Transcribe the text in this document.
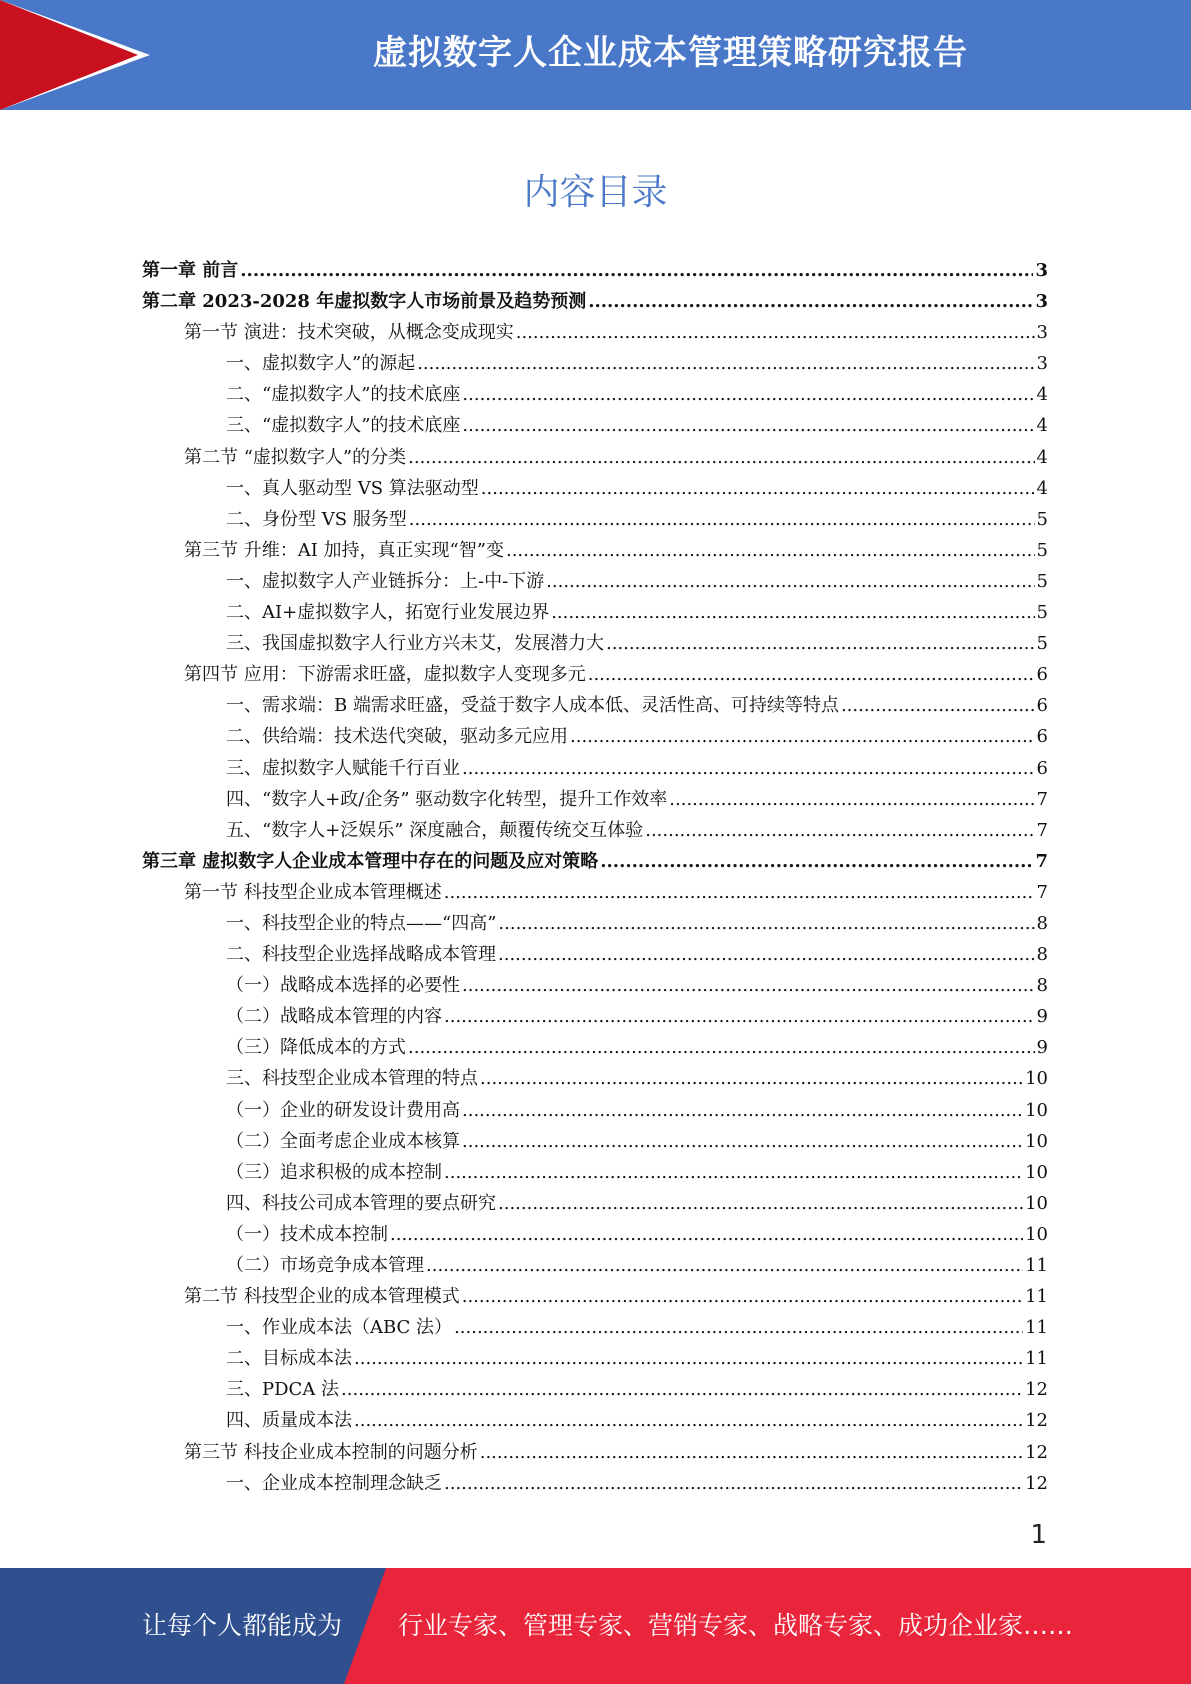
虚拟数字人企业成本管理策略研究报告
内容目录
第一章 前言 .....	3
第二章 2023-2028 年虚拟数字人市场前景及趋势预测 .....	3
第一节 演进：技术突破，从概念变成现实 .....	3
一、虚拟数字人”的源起 .....	3
二、“虚拟数字人”的技术底座 .....	4
三、“虚拟数字人”的技术底座 .....	4
第二节 “虚拟数字人”的分类 .....	4
一、真人驱动型 VS 算法驱动型 .....	4
二、身份型 VS 服务型 .....	5
第三节 升维：AI 加持，真正实现“智”变 .....	5
一、虚拟数字人产业链拆分：上-中-下游 .....	5
二、AI+虚拟数字人，拓宽行业发展边界 .....	5
三、我国虚拟数字人行业方兴未艾，发展潜力大 .....	5
第四节 应用：下游需求旺盛，虚拟数字人变现多元 .....	6
一、需求端：B 端需求旺盛，受益于数字人成本低、灵活性高、可持续等特点 .....	6
二、供给端：技术迭代突破，驱动多元应用 .....	6
三、虚拟数字人赋能千行百业 .....	6
四、“数字人+政/企务” 驱动数字化转型，提升工作效率 .....	7
五、“数字人+泛娱乐” 深度融合，颠覆传统交互体验 .....	7
第三章 虚拟数字人企业成本管理中存在的问题及应对策略 .....	7
第一节 科技型企业成本管理概述 .....	7
一、科技型企业的特点——“四高” .....	8
二、科技型企业选择战略成本管理 .....	8
（一）战略成本选择的必要性 .....	8
（二）战略成本管理的内容 .....	9
（三）降低成本的方式 .....	9
三、科技型企业成本管理的特点 .....	10
（一）企业的研发设计费用高 .....	10
（二）全面考虑企业成本核算 .....	10
（三）追求积极的成本控制 .....	10
四、科技公司成本管理的要点研究 .....	10
（一）技术成本控制 .....	10
（二）市场竞争成本管理 .....	11
第二节 科技型企业的成本管理模式 .....	11
一、作业成本法（ABC 法） .....	11
二、目标成本法 .....	11
三、PDCA 法 .....	12
四、质量成本法 .....	12
第三节 科技企业成本控制的问题分析 .....	12
一、企业成本控制理念缺乏 .....	12
1
让每个人都能成为 行业专家、管理专家、营销专家、战略专家、成功企业家……
